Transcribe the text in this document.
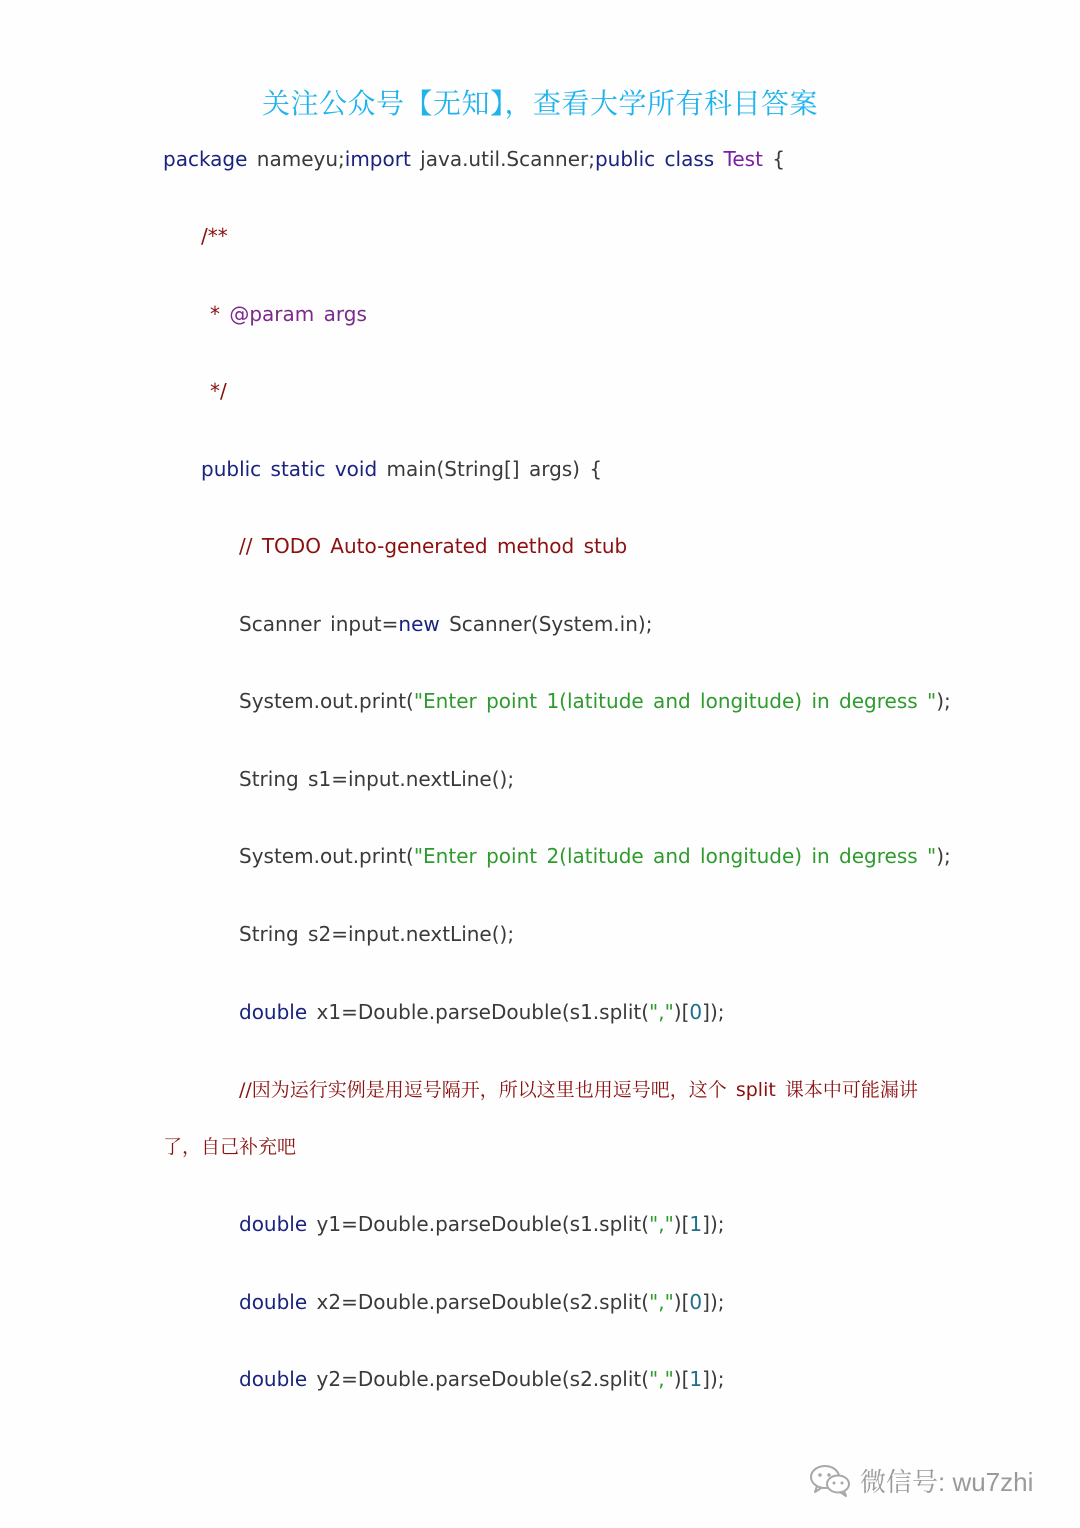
关注公众号【无知】，查看大学所有科目答案
package nameyu;import java.util.Scanner;public class Test {
/**
* @param args
*/
public static void main(String[] args) {
// TODO Auto-generated method stub
Scanner input=new Scanner(System.in);
System.out.print("Enter point 1(latitude and longitude) in degress ");
String s1=input.nextLine();
System.out.print("Enter point 2(latitude and longitude) in degress ");
String s2=input.nextLine();
double x1=Double.parseDouble(s1.split(",")[0]);
//因为运行实例是用逗号隔开，所以这里也用逗号吧，这个 split 课本中可能漏讲
了，自己补充吧
double y1=Double.parseDouble(s1.split(",")[1]);
double x2=Double.parseDouble(s2.split(",")[0]);
double y2=Double.parseDouble(s2.split(",")[1]);
微信号: wu7zhi
